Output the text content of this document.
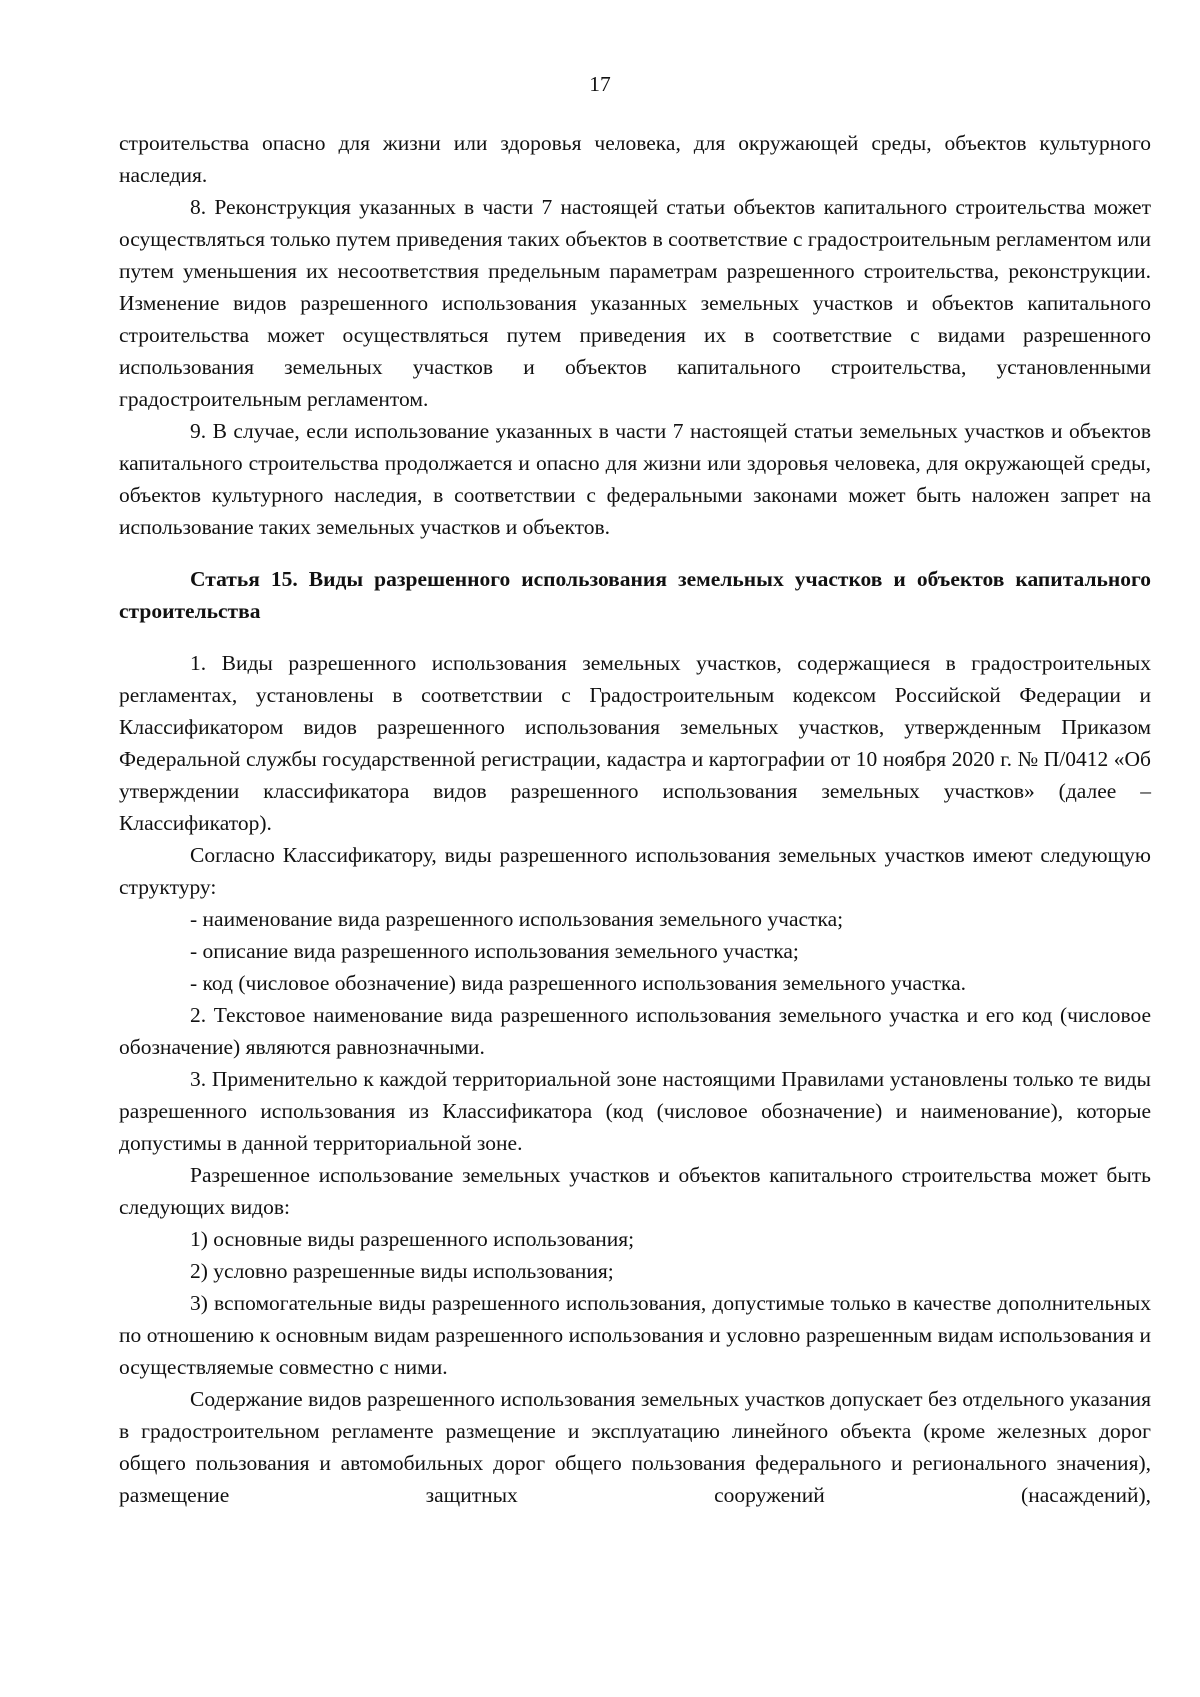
17

строительства опасно для жизни или здоровья человека, для окружающей среды, объектов культурного наследия.

8. Реконструкция указанных в части 7 настоящей статьи объектов капитального строительства может осуществляться только путем приведения таких объектов в соответствие с градостроительным регламентом или путем уменьшения их несоответствия предельным параметрам разрешенного строительства, реконструкции. Изменение видов разрешенного использования указанных земельных участков и объектов капитального строительства может осуществляться путем приведения их в соответствие с видами разрешенного использования земельных участков и объектов капитального строительства, установленными градостроительным регламентом.

9. В случае, если использование указанных в части 7 настоящей статьи земельных участков и объектов капитального строительства продолжается и опасно для жизни или здоровья человека, для окружающей среды, объектов культурного наследия, в соответствии с федеральными законами может быть наложен запрет на использование таких земельных участков и объектов.

Статья 15. Виды разрешенного использования земельных участков и объектов капитального строительства

1. Виды разрешенного использования земельных участков, содержащиеся в градостроительных регламентах, установлены в соответствии с Градостроительным кодексом Российской Федерации и Классификатором видов разрешенного использования земельных участков, утвержденным Приказом Федеральной службы государственной регистрации, кадастра и картографии от 10 ноября 2020 г. № П/0412 «Об утверждении классификатора видов разрешенного использования земельных участков» (далее – Классификатор).

Согласно Классификатору, виды разрешенного использования земельных участков имеют следующую структуру:

- наименование вида разрешенного использования земельного участка;

- описание вида разрешенного использования земельного участка;

- код (числовое обозначение) вида разрешенного использования земельного участка.

2. Текстовое наименование вида разрешенного использования земельного участка и его код (числовое обозначение) являются равнозначными.

3. Применительно к каждой территориальной зоне настоящими Правилами установлены только те виды разрешенного использования из Классификатора (код (числовое обозначение) и наименование), которые допустимы в данной территориальной зоне.

Разрешенное использование земельных участков и объектов капитального строительства может быть следующих видов:

1) основные виды разрешенного использования;

2) условно разрешенные виды использования;

3) вспомогательные виды разрешенного использования, допустимые только в качестве дополнительных по отношению к основным видам разрешенного использования и условно разрешенным видам использования и осуществляемые совместно с ними.

Содержание видов разрешенного использования земельных участков допускает без отдельного указания в градостроительном регламенте размещение и эксплуатацию линейного объекта (кроме железных дорог общего пользования и автомобильных дорог общего пользования федерального и регионального значения), размещение защитных сооружений (насаждений),
